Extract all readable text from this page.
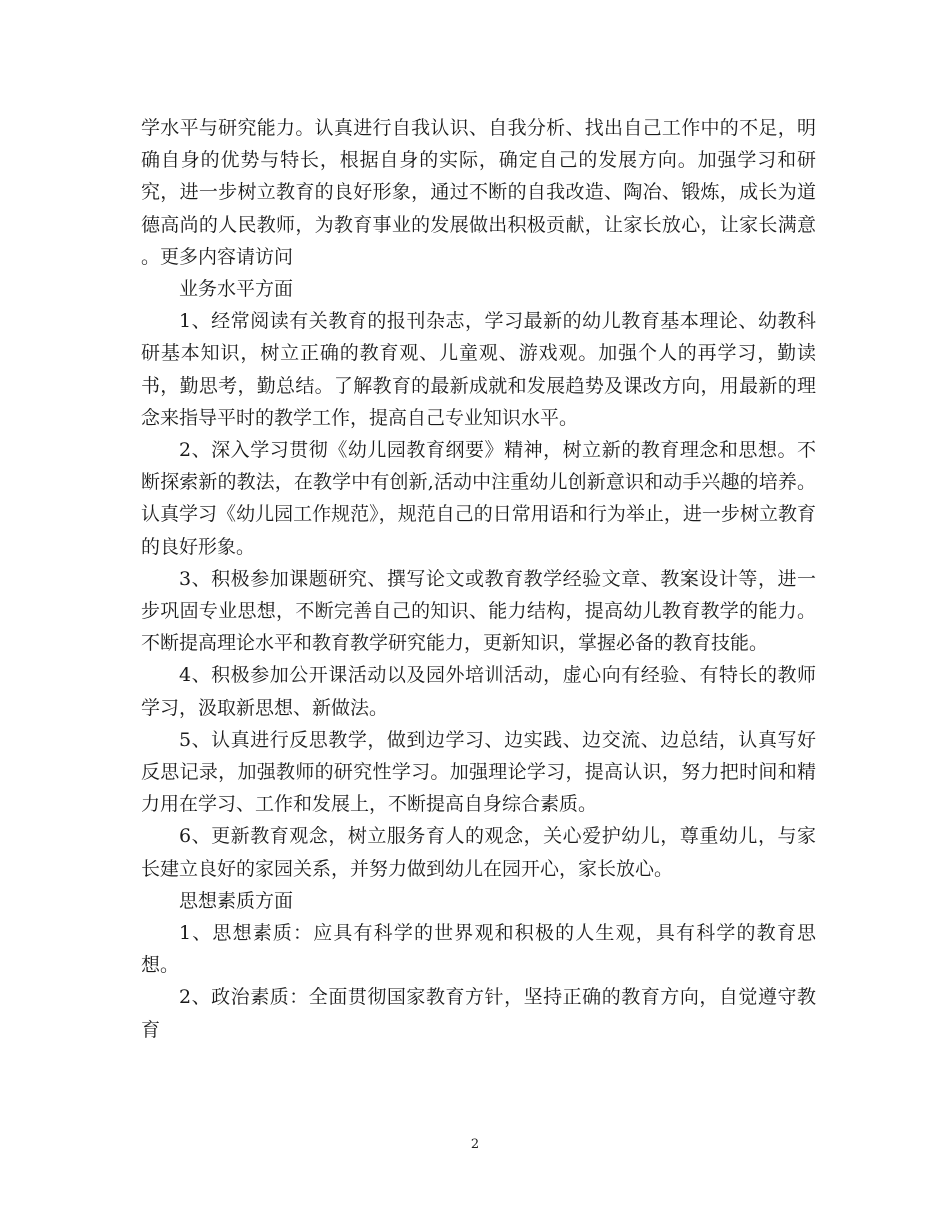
学水平与研究能力。认真进行自我认识、自我分析、找出自己工作中的不足，明确自身的优势与特长，根据自身的实际，确定自己的发展方向。加强学习和研究，进一步树立教育的良好形象，通过不断的自我改造、陶冶、锻炼，成长为道德高尚的人民教师，为教育事业的发展做出积极贡献，让家长放心，让家长满意 。更多内容请访问

业务水平方面

1、经常阅读有关教育的报刊杂志，学习最新的幼儿教育基本理论、幼教科研基本知识，树立正确的教育观、儿童观、游戏观。加强个人的再学习，勤读书，勤思考，勤总结。了解教育的最新成就和发展趋势及课改方向，用最新的理念来指导平时的教学工作，提高自己专业知识水平。

2、深入学习贯彻《幼儿园教育纲要》精神，树立新的教育理念和思想。不断探索新的教法，在教学中有创新,活动中注重幼儿创新意识和动手兴趣的培养。认真学习《幼儿园工作规范》，规范自己的日常用语和行为举止，进一步树立教育的良好形象。

3、积极参加课题研究、撰写论文或教育教学经验文章、教案设计等，进一步巩固专业思想，不断完善自己的知识、能力结构，提高幼儿教育教学的能力。不断提高理论水平和教育教学研究能力，更新知识，掌握必备的教育技能。

4、积极参加公开课活动以及园外培训活动，虚心向有经验、有特长的教师学习，汲取新思想、新做法。

5、认真进行反思教学，做到边学习、边实践、边交流、边总结，认真写好反思记录，加强教师的研究性学习。加强理论学习，提高认识，努力把时间和精力用在学习、工作和发展上，不断提高自身综合素质。

6、更新教育观念，树立服务育人的观念，关心爱护幼儿，尊重幼儿，与家长建立良好的家园关系，并努力做到幼儿在园开心，家长放心。

思想素质方面

1、思想素质：应具有科学的世界观和积极的人生观，具有科学的教育思想。

2、政治素质：全面贯彻国家教育方针，坚持正确的教育方向，自觉遵守教育

2
